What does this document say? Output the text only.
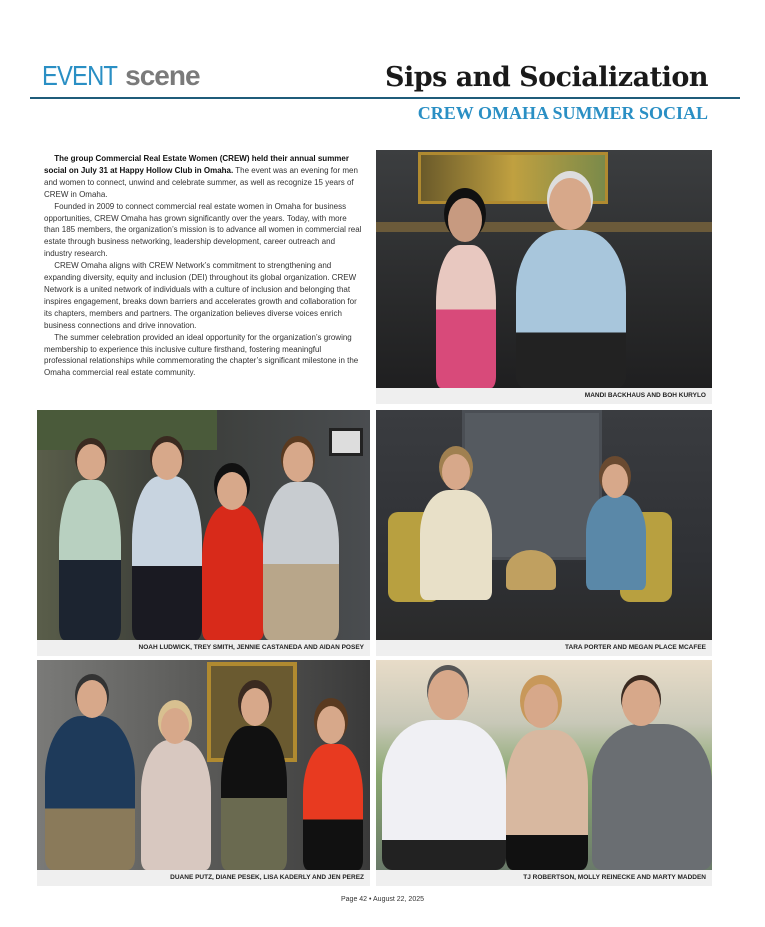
EVENT scene	Sips and Socialization
CREW OMAHA SUMMER SOCIAL

The group Commercial Real Estate Women (CREW) held their annual summer social on July 31 at Happy Hollow Club in Omaha. The event was an evening for men and women to connect, unwind and celebrate summer, as well as recognize 15 years of CREW in Omaha.

Founded in 2009 to connect commercial real estate women in Omaha for business opportunities, CREW Omaha has grown significantly over the years. Today, with more than 185 members, the organization’s mission is to advance all women in commercial real estate through business networking, leadership development, career outreach and industry research.

CREW Omaha aligns with CREW Network’s commitment to strengthening and expanding diversity, equity and inclusion (DEI) throughout its global organization. CREW Network is a united network of individuals with a culture of inclusion and belonging that inspires engagement, breaks down barriers and accelerates growth and collaboration for its chapters, members and partners. The organization believes diverse voices enrich business connections and drive innovation.

The summer celebration provided an ideal opportunity for the organization’s growing membership to experience this inclusive culture firsthand, fostering meaningful professional relationships while commemorating the chapter’s significant milestone in the Omaha commercial real estate community.

MANDI BACKHAUS AND BOH KURYLO
NOAH LUDWICK, TREY SMITH, JENNIE CASTANEDA AND AIDAN POSEY	TARA PORTER AND MEGAN PLACE MCAFEE
DUANE PUTZ, DIANE PESEK, LISA KADERLY AND JEN PEREZ	TJ ROBERTSON, MOLLY REINECKE AND MARTY MADDEN
Page 42 • August 22, 2025
